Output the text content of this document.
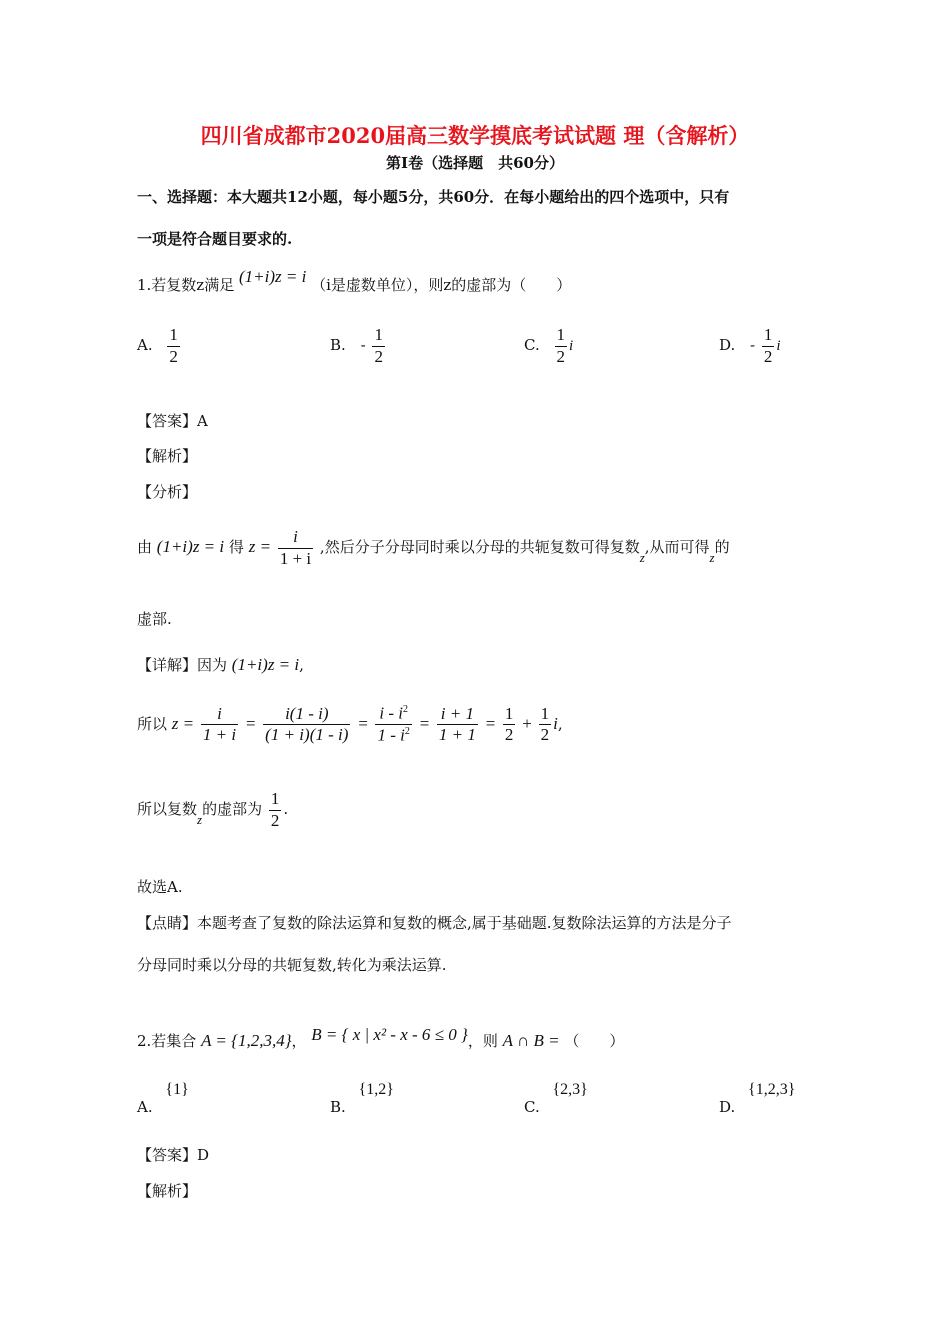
四川省成都市2020届高三数学摸底考试试题 理（含解析）
第Ⅰ卷（选择题　共60分）
一、选择题：本大题共12小题，每小题5分，共60分．在每小题给出的四个选项中，只有
一项是符合题目要求的.
1.若复数z满足 (1+i)z = i （i是虚数单位），则z的虚部为（　　）
A. $\frac{1}{2}$	B. - $\frac{1}{2}$	C. $\frac{1}{2}$ i	D. - $\frac{1}{2}$ i
【答案】A
【解析】
【分析】
由 (1+i)z = i 得 $z = \frac{i}{1 + i}$ ,然后分子分母同时乘以分母的共轭复数可得复数z,从而可得z的
虚部.
【详解】因为 (1+i)z = i,
所以 $z = \frac{i}{1 + i} = \frac{i(1 - i)}{(1 + i)(1 - i)} = \frac{i - i^2}{1 - i^2} = \frac{i + 1}{1 + 1} = \frac{1}{2} + \frac{1}{2} i$,
所以复数z的虚部为 $\frac{1}{2}$ .
故选A.
【点睛】本题考查了复数的除法运算和复数的概念,属于基础题.复数除法运算的方法是分子
分母同时乘以分母的共轭复数,转化为乘法运算.
2.若集合 A = {1,2,3,4}， B = { x | x² - x - 6 ≤ 0 }，则 A ∩ B = （　　）
A. {1}
B. {1,2}
C. {2,3}
D. {1,2,3}
【答案】D
【解析】
